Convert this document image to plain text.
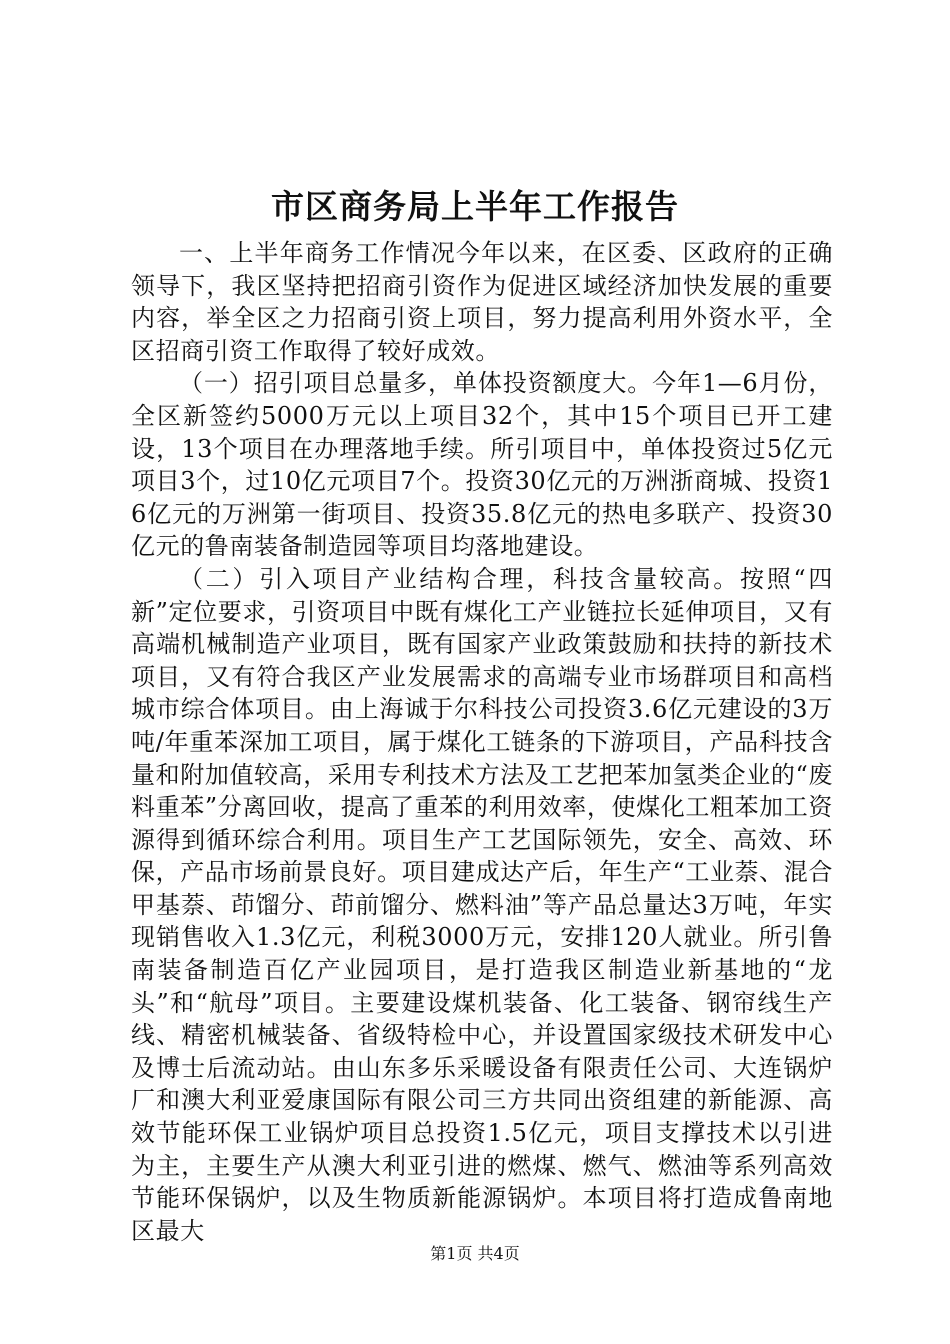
市区商务局上半年工作报告

一、上半年商务工作情况今年以来，在区委、区政府的正确领导下，我区坚持把招商引资作为促进区域经济加快发展的重要内容，举全区之力招商引资上项目，努力提高利用外资水平，全区招商引资工作取得了较好成效。

（一）招引项目总量多，单体投资额度大。今年1—6月份，全区新签约5000万元以上项目32个，其中15个项目已开工建设，13个项目在办理落地手续。所引项目中，单体投资过5亿元项目3个，过10亿元项目7个。投资30亿元的万洲浙商城、投资16亿元的万洲第一街项目、投资35.8亿元的热电多联产、投资30亿元的鲁南装备制造园等项目均落地建设。

（二）引入项目产业结构合理，科技含量较高。按照“四新”定位要求，引资项目中既有煤化工产业链拉长延伸项目，又有高端机械制造产业项目，既有国家产业政策鼓励和扶持的新技术项目，又有符合我区产业发展需求的高端专业市场群项目和高档城市综合体项目。由上海诚于尔科技公司投资3.6亿元建设的3万吨/年重苯深加工项目，属于煤化工链条的下游项目，产品科技含量和附加值较高，采用专利技术方法及工艺把苯加氢类企业的“废料重苯”分离回收，提高了重苯的利用效率，使煤化工粗苯加工资源得到循环综合利用。项目生产工艺国际领先，安全、高效、环保，产品市场前景良好。项目建成达产后，年生产“工业萘、混合甲基萘、茚馏分、茚前馏分、燃料油”等产品总量达3万吨，年实现销售收入1.3亿元，利税3000万元，安排120人就业。所引鲁南装备制造百亿产业园项目，是打造我区制造业新基地的“龙头”和“航母”项目。主要建设煤机装备、化工装备、钢帘线生产线、精密机械装备、省级特检中心，并设置国家级技术研发中心及博士后流动站。由山东多乐采暖设备有限责任公司、大连锅炉厂和澳大利亚爱康国际有限公司三方共同出资组建的新能源、高效节能环保工业锅炉项目总投资1.5亿元，项目支撑技术以引进为主，主要生产从澳大利亚引进的燃煤、燃气、燃油等系列高效节能环保锅炉，以及生物质新能源锅炉。本项目将打造成鲁南地区最大

第1页 共4页
